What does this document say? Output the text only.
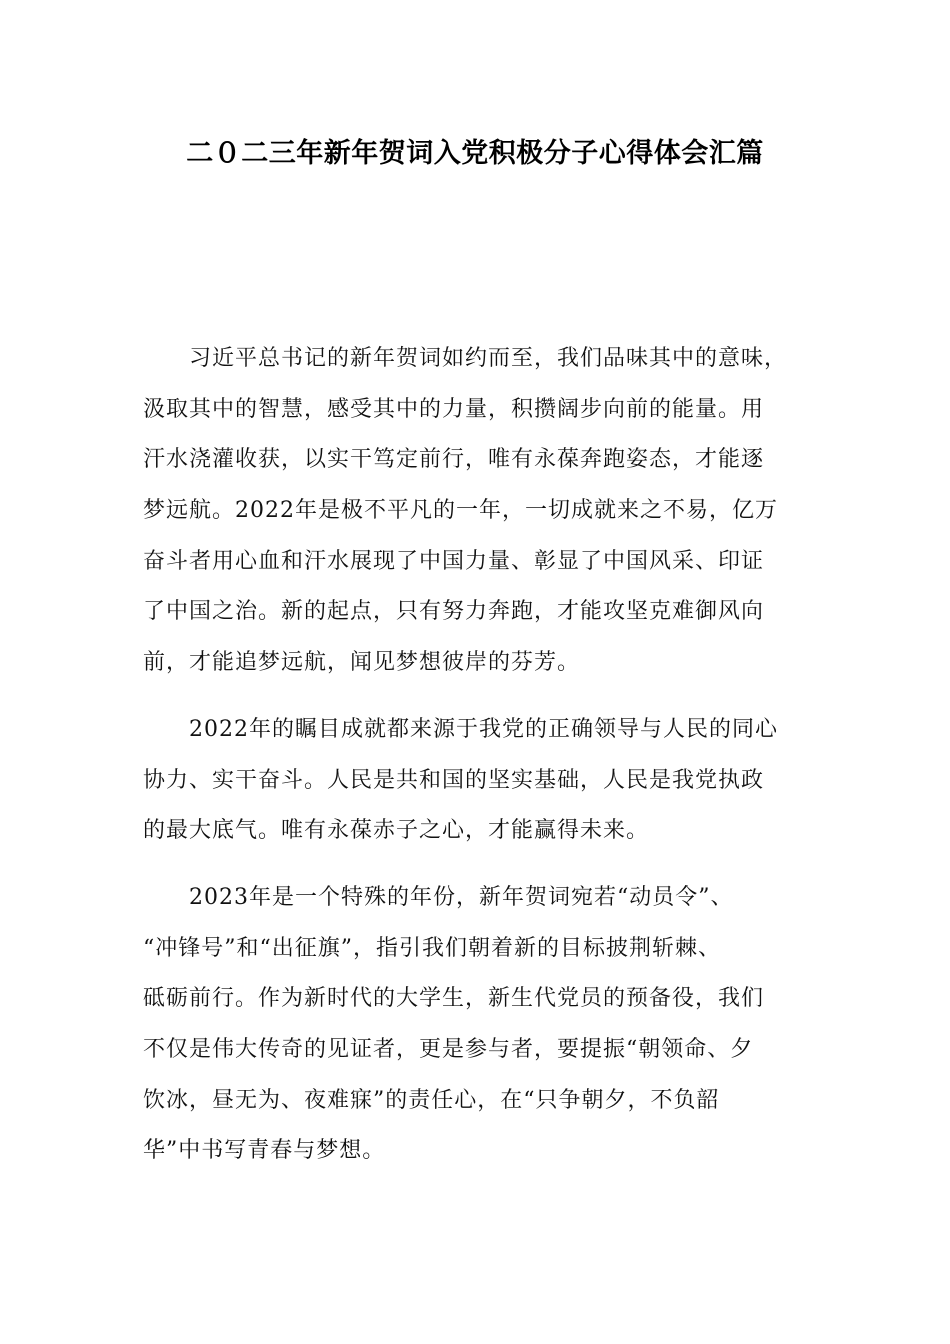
二０二三年新年贺词入党积极分子心得体会汇篇
习近平总书记的新年贺词如约而至，我们品味其中的意味，
汲取其中的智慧，感受其中的力量，积攒阔步向前的能量。用
汗水浇灌收获，以实干笃定前行，唯有永葆奔跑姿态，才能逐
梦远航。2022年是极不平凡的一年，一切成就来之不易，亿万
奋斗者用心血和汗水展现了中国力量、彰显了中国风采、印证
了中国之治。新的起点，只有努力奔跑，才能攻坚克难御风向
前，才能追梦远航，闻见梦想彼岸的芬芳。
2022年的瞩目成就都来源于我党的正确领导与人民的同心
协力、实干奋斗。人民是共和国的坚实基础，人民是我党执政
的最大底气。唯有永葆赤子之心，才能赢得未来。
2023年是一个特殊的年份，新年贺词宛若“动员令”、
“冲锋号”和“出征旗”，指引我们朝着新的目标披荆斩棘、
砥砺前行。作为新时代的大学生，新生代党员的预备役，我们
不仅是伟大传奇的见证者，更是参与者，要提振“朝领命、夕
饮冰，昼无为、夜难寐”的责任心，在“只争朝夕，不负韶
华”中书写青春与梦想。
